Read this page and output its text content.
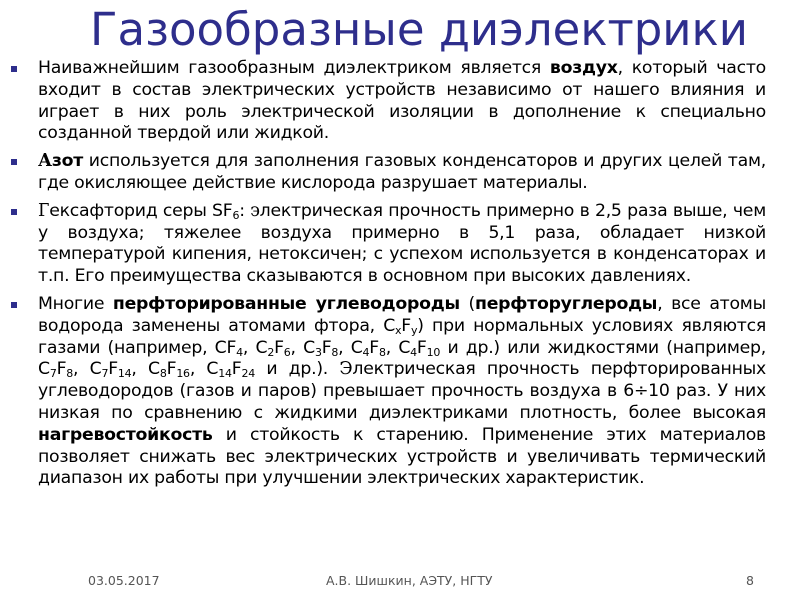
Газообразные диэлектрики

Наиважнейшим газообразным диэлектриком является воздух, который часто входит в состав электрических устройств независимо от нашего влияния и играет в них роль электрической изоляции в дополнение к специально созданной твердой или жидкой.

Азот используется для заполнения газовых конденсаторов и других целей там, где окисляющее действие кислорода разрушает материалы.

Гексафторид серы $SF_6$: электрическая прочность примерно в 2,5 раза выше, чем у воздуха; тяжелее воздуха примерно в 5,1 раза, обладает низкой температурой кипения, нетоксичен; с успехом используется в конденсаторах и т.п. Его преимущества сказываются в основном при высоких давлениях.

Многие перфторированные углеводороды (перфторуглероды, все атомы водорода заменены атомами фтора, $C_xF_y$) при нормальных условиях являются газами (например, $CF_4$, $C_2F_6$, $C_3F_8$, $C_4F_8$, $C_4F_{10}$ и др.) или жидкостями (например, $C_7F_8$, $C_7F_{14}$, $C_8F_{16}$, $C_{14}F_{24}$ и др.). Электрическая прочность перфторированных углеводородов (газов и паров) превышает прочность воздуха в 6÷10 раз. У них низкая по сравнению с жидкими диэлектриками плотность, более высокая нагревостойкость и стойкость к старению. Применение этих материалов позволяет снижать вес электрических устройств и увеличивать термический диапазон их работы при улучшении электрических характеристик.

03.05.2017	А.В. Шишкин, АЭТУ, НГТУ	8
